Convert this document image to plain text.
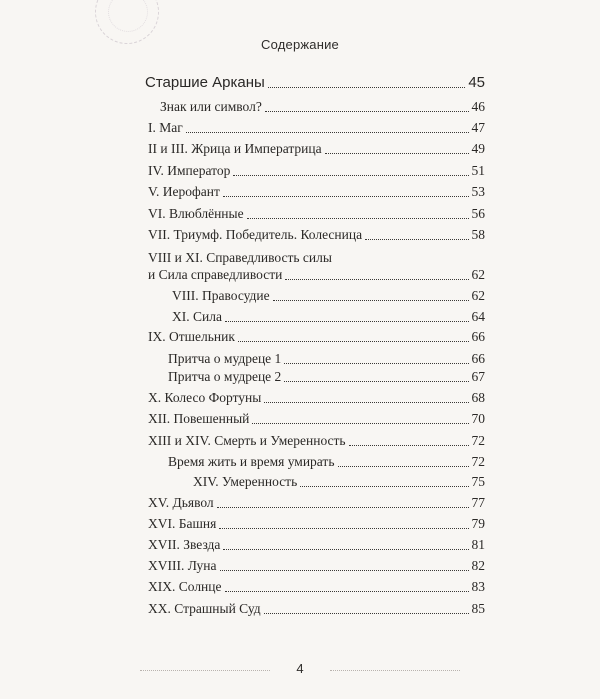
Содержание
Старшие Арканы	45
Знак или символ?	46
I. Маг	47
II и III. Жрица и Императрица	49
IV. Император	51
V. Иерофант	53
VI. Влюблённые	56
VII. Триумф. Победитель. Колесница	58
VIII и XI. Справедливость силы
и Сила справедливости	62
VIII. Правосудие	62
XI. Сила	64
IX. Отшельник	66
Притча о мудреце 1	66
Притча о мудреце 2	67
X. Колесо Фортуны	68
XII. Повешенный	70
XIII и XIV. Смерть и Умеренность	72
Время жить и время умирать	72
XIV. Умеренность	75
XV. Дьявол	77
XVI. Башня	79
XVII. Звезда	81
XVIII. Луна	82
XIX. Солнце	83
XX. Страшный Суд	85
4
